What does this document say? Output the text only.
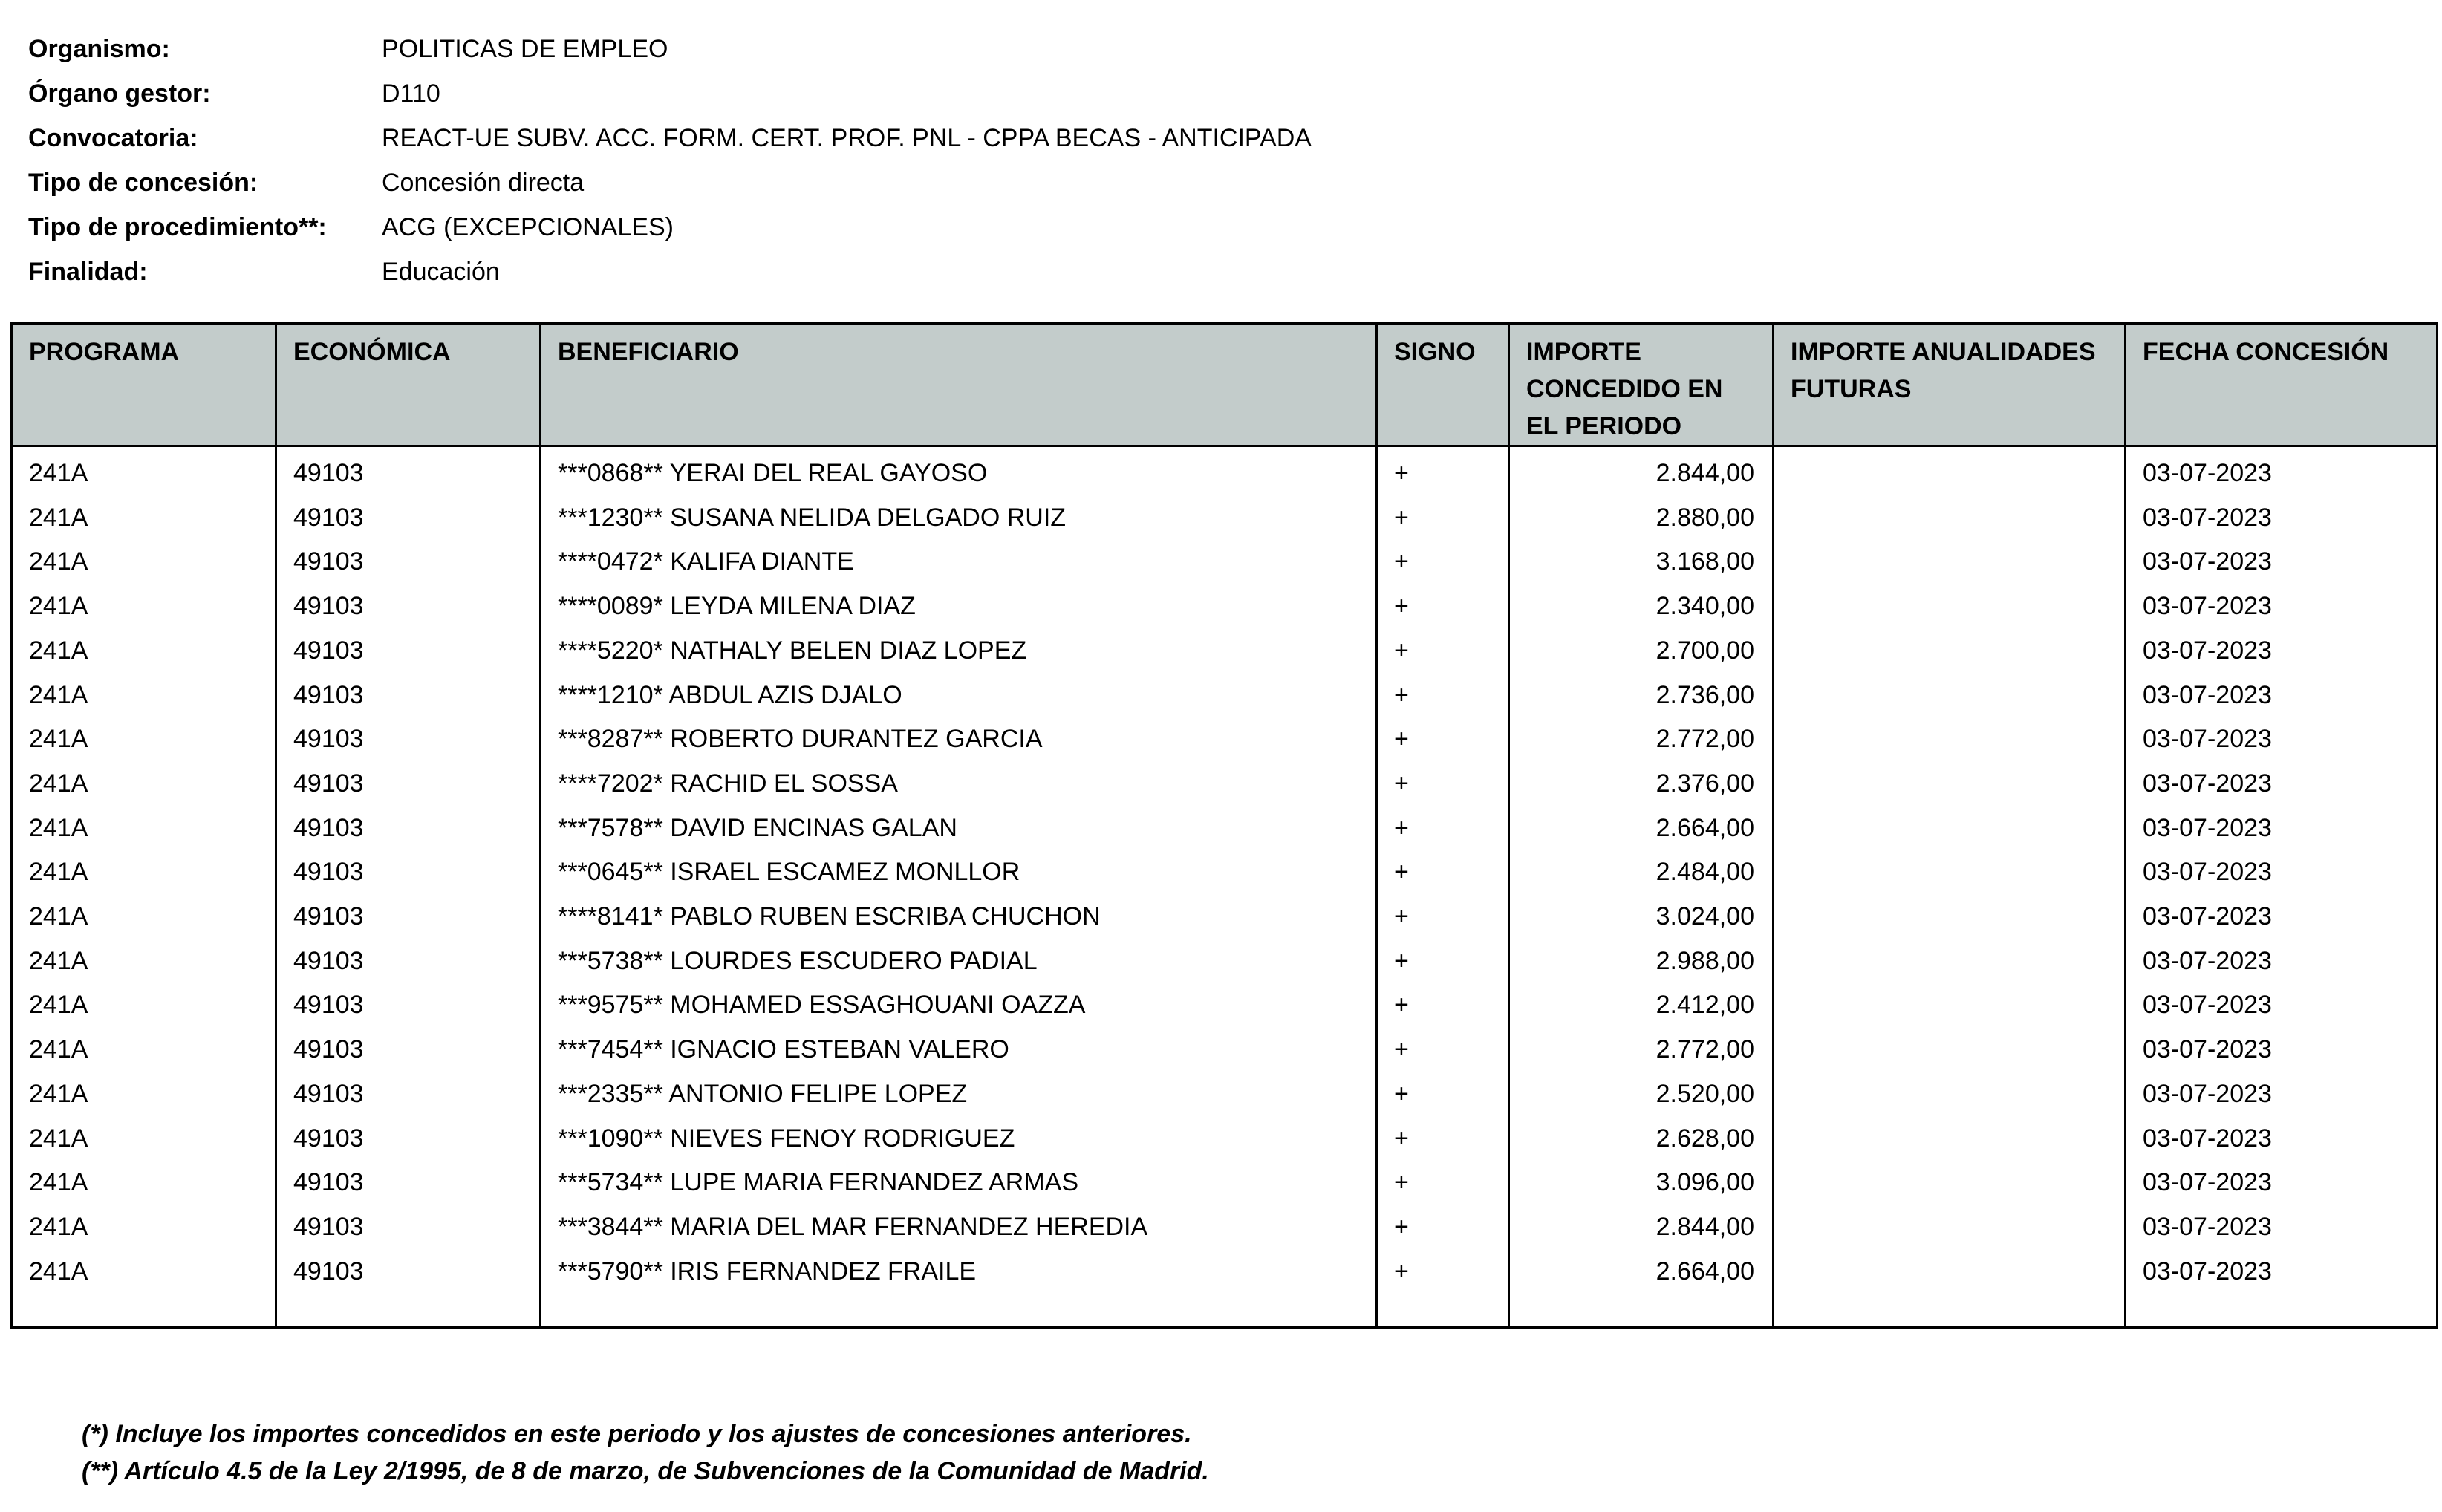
Organismo:	POLITICAS DE EMPLEO
Órgano gestor:	D110
Convocatoria:	REACT-UE SUBV. ACC. FORM. CERT. PROF. PNL - CPPA BECAS - ANTICIPADA
Tipo de concesión:	Concesión directa
Tipo de procedimiento**:	ACG (EXCEPCIONALES)
Finalidad:	Educación
PROGRAMA	ECONÓMICA	BENEFICIARIO	SIGNO	IMPORTE CONCEDIDO EN EL PERIODO	IMPORTE ANUALIDADES FUTURAS	FECHA CONCESIÓN
241A	49103	***0868** YERAI DEL REAL GAYOSO	+	2.844,00		03-07-2023
241A	49103	***1230** SUSANA NELIDA DELGADO RUIZ	+	2.880,00		03-07-2023
241A	49103	****0472* KALIFA DIANTE	+	3.168,00		03-07-2023
241A	49103	****0089* LEYDA MILENA DIAZ	+	2.340,00		03-07-2023
241A	49103	****5220* NATHALY BELEN DIAZ LOPEZ	+	2.700,00		03-07-2023
241A	49103	****1210* ABDUL AZIS DJALO	+	2.736,00		03-07-2023
241A	49103	***8287** ROBERTO DURANTEZ GARCIA	+	2.772,00		03-07-2023
241A	49103	****7202* RACHID EL SOSSA	+	2.376,00		03-07-2023
241A	49103	***7578** DAVID ENCINAS GALAN	+	2.664,00		03-07-2023
241A	49103	***0645** ISRAEL ESCAMEZ MONLLOR	+	2.484,00		03-07-2023
241A	49103	****8141* PABLO RUBEN ESCRIBA CHUCHON	+	3.024,00		03-07-2023
241A	49103	***5738** LOURDES ESCUDERO PADIAL	+	2.988,00		03-07-2023
241A	49103	***9575** MOHAMED ESSAGHOUANI OAZZA	+	2.412,00		03-07-2023
241A	49103	***7454** IGNACIO ESTEBAN VALERO	+	2.772,00		03-07-2023
241A	49103	***2335** ANTONIO FELIPE LOPEZ	+	2.520,00		03-07-2023
241A	49103	***1090** NIEVES FENOY RODRIGUEZ	+	2.628,00		03-07-2023
241A	49103	***5734** LUPE MARIA FERNANDEZ ARMAS	+	3.096,00		03-07-2023
241A	49103	***3844** MARIA DEL MAR FERNANDEZ HEREDIA	+	2.844,00		03-07-2023
241A	49103	***5790** IRIS FERNANDEZ FRAILE	+	2.664,00		03-07-2023

(*) Incluye los importes concedidos en este periodo y los ajustes de concesiones anteriores.
(**) Artículo 4.5 de la Ley 2/1995, de 8 de marzo, de Subvenciones de la Comunidad de Madrid.
